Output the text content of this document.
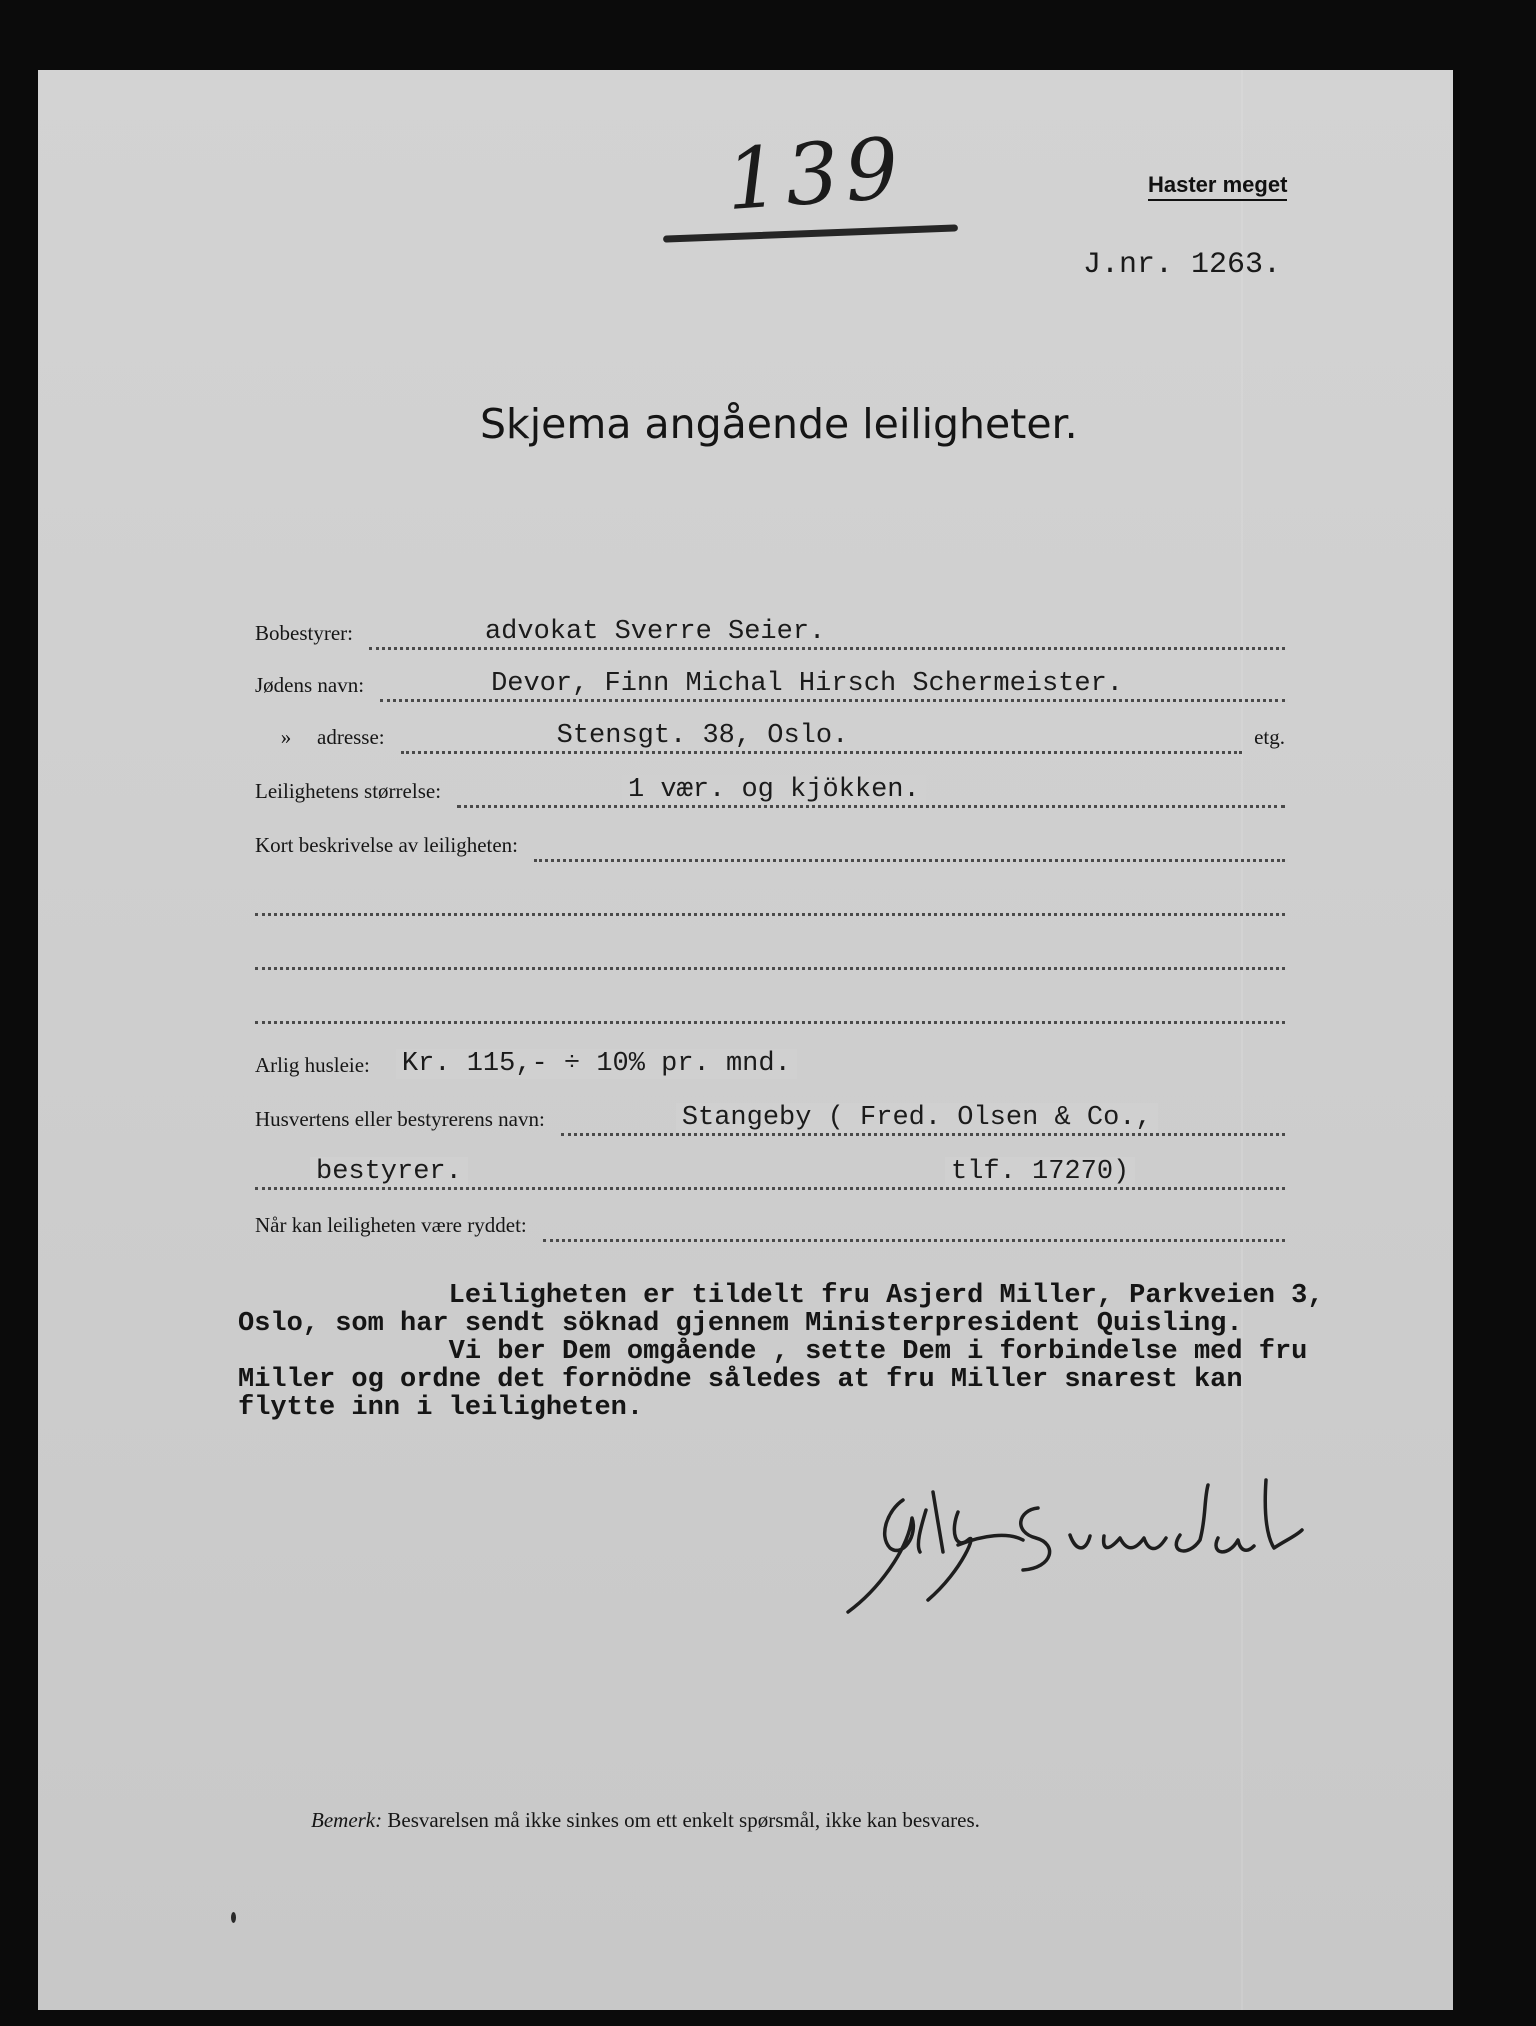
139	Haster meget
J.nr. 1263.
Skjema angående leiligheter.
Bobestyrer:	advokat Sverre Seier.
Jødens navn:	Devor, Finn Michal Hirsch Schermeister.
»	adresse:	Stensgt. 38, Oslo.	etg.
Leilighetens størrelse:	1 vær. og kjökken.
Kort beskrivelse av leiligheten:
Arlig husleie:	Kr. 115,- ÷ 10% pr. mnd.
Husvertens eller bestyrerens navn:	Stangeby ( Fred. Olsen & Co.,
bestyrer.	tlf. 17270)
Når kan leiligheten være ryddet:
Leiligheten er tildelt fru Asjerd Miller, Parkveien 3,
Oslo, som har sendt söknad gjennem Ministerpresident Quisling.
Vi ber Dem omgående , sette Dem i forbindelse med fru
Miller og ordne det fornödne således at fru Miller snarest kan
flytte inn i leiligheten.
Bemerk: Besvarelsen må ikke sinkes om ett enkelt spørsmål, ikke kan besvares.
